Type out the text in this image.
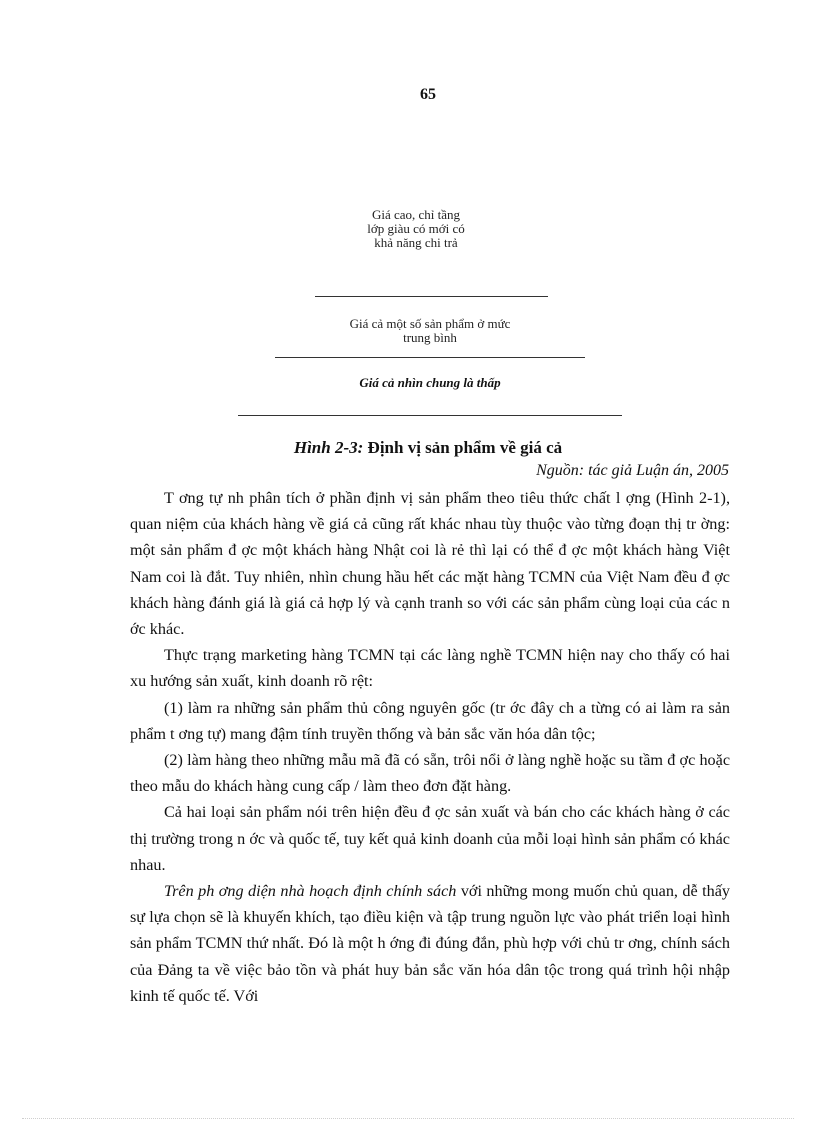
65
Giá cao, chỉ tầng
lớp giàu có mới có
khả năng chi trả
Giá cả một số sản phẩm ở mức
trung bình
Giá cả nhìn chung là thấp
Hình 2-3: Định vị sản phẩm về giá cả
Nguồn: tác giả Luận án, 2005

T ơng tự nh phân tích ở phần định vị sản phẩm theo tiêu thức chất l ợng (Hình 2-1), quan niệm của khách hàng về giá cả cũng rất khác nhau tùy thuộc vào từng đoạn thị tr ờng: một sản phẩm đ ợc một khách hàng Nhật coi là rẻ thì lại có thể đ ợc một khách hàng Việt Nam coi là đắt. Tuy nhiên, nhìn chung hầu hết các mặt hàng TCMN của Việt Nam đều đ ợc khách hàng đánh giá là giá cả hợp lý và cạnh tranh so với các sản phẩm cùng loại của các n ớc khác.

Thực trạng marketing hàng TCMN tại các làng nghề TCMN hiện nay cho thấy có hai xu hướng sản xuất, kinh doanh rõ rệt:

(1) làm ra những sản phẩm thủ công nguyên gốc (tr ớc đây ch a từng có ai làm ra sản phẩm t ơng tự) mang đậm tính truyền thống và bản sắc văn hóa dân tộc;

(2) làm hàng theo những mẫu mã đã có sẵn, trôi nổi ở làng nghề hoặc su tầm đ ợc hoặc theo mẫu do khách hàng cung cấp / làm theo đơn đặt hàng.

Cả hai loại sản phẩm nói trên hiện đều đ ợc sản xuất và bán cho các khách hàng ở các thị trường trong n ớc và quốc tế, tuy kết quả kinh doanh của mỗi loại hình sản phẩm có khác nhau.

Trên ph ơng diện nhà hoạch định chính sách với những mong muốn chủ quan, dễ thấy sự lựa chọn sẽ là khuyến khích, tạo điều kiện và tập trung nguồn lực vào phát triển loại hình sản phẩm TCMN thứ nhất. Đó là một h ớng đi đúng đắn, phù hợp với chủ tr ơng, chính sách của Đảng ta về việc bảo tồn và phát huy bản sắc văn hóa dân tộc trong quá trình hội nhập kinh tế quốc tế. Với
